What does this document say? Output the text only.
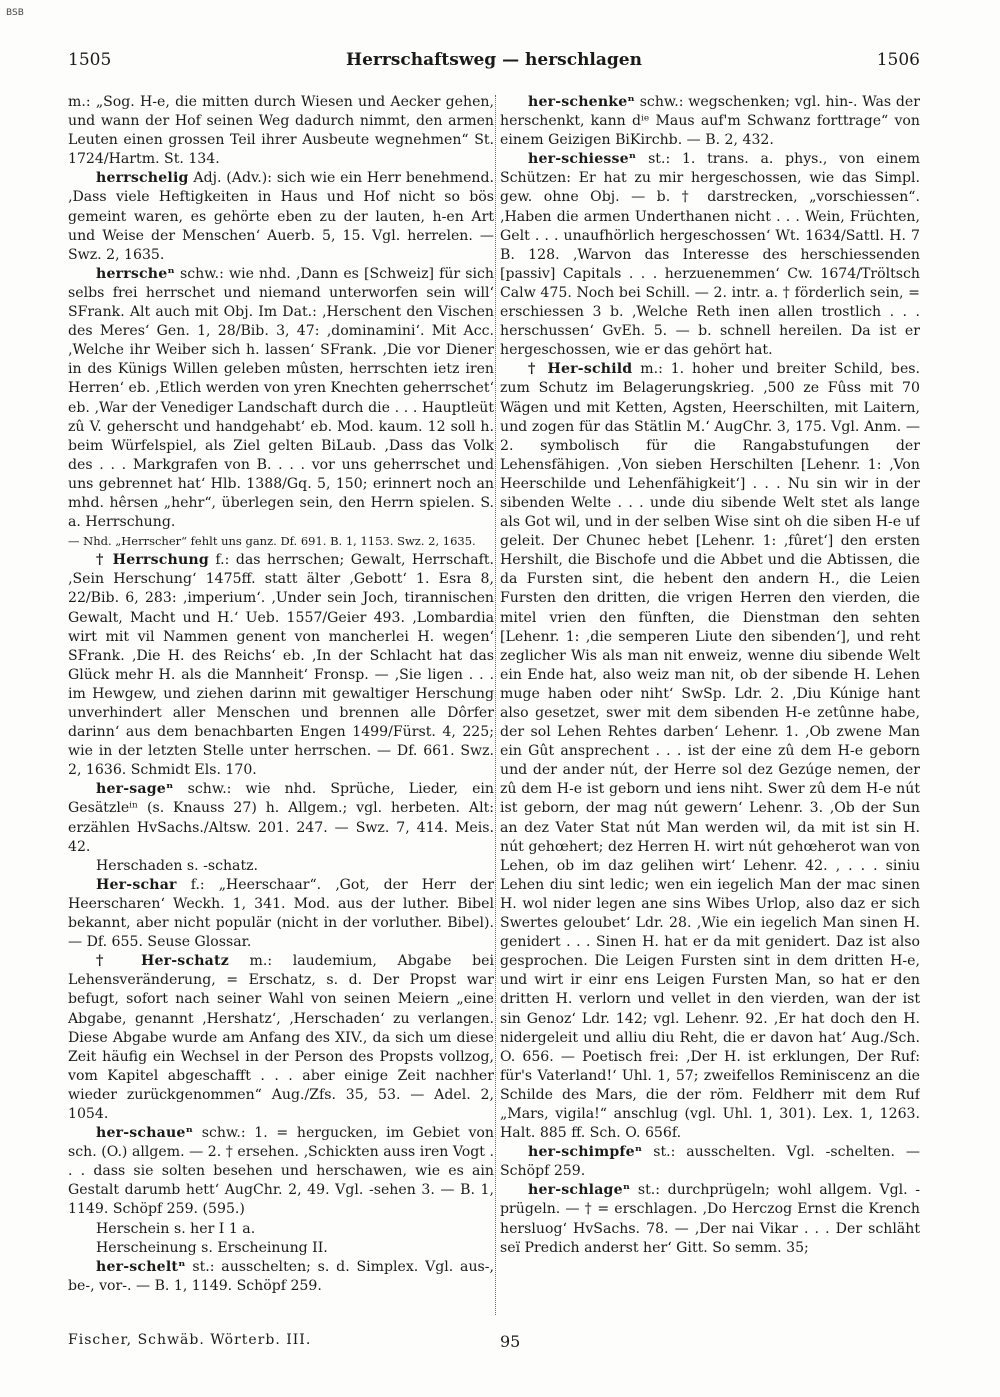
BSB
1505	Herrschaftsweg — herschlagen	1506

m.: „Sog. H-e, die mitten durch Wiesen und Aecker gehen, und wann der Hof seinen Weg dadurch nimmt, den armen Leuten einen grossen Teil ihrer Ausbeute wegnehmen“ St. 1724/Hartm. St. 134.

herrschelig Adj. (Adv.): sich wie ein Herr benehmend. ‚Dass viele Heftigkeiten in Haus und Hof nicht so bös gemeint waren, es gehörte eben zu der lauten, h-en Art und Weise der Menschen‘ Auerb. 5, 15. Vgl. herrelen. — Swz. 2, 1635.

herrscheⁿ schw.: wie nhd. ‚Dann es [Schweiz] für sich selbs frei herrschet und niemand unterworfen sein will‘ SFrank. Alt auch mit Obj. Im Dat.: ‚Herschent den Vischen des Meres‘ Gen. 1, 28/Bib. 3, 47: ‚dominamini‘. Mit Acc. ‚Welche ihr Weiber sich h. lassen‘ SFrank. ‚Die vor Diener in des Künigs Willen geleben mûsten, herrschten ietz iren Herren‘ eb. ‚Etlich werden von yren Knechten geherrschet‘ eb. ‚War der Venediger Landschaft durch die . . . Hauptleüt zû V. geherscht und handgehabt‘ eb. Mod. kaum. 12 soll h. beim Würfelspiel, als Ziel gelten BiLaub. ‚Dass das Volk des . . . Markgrafen von B. . . . vor uns geherrschet und uns gebrennet hat‘ Hlb. 1388/Gq. 5, 150; erinnert noch an mhd. hêrsen „hehr“, überlegen sein, den Herrn spielen. S. a. Herrschung.

— Nhd. „Herrscher“ fehlt uns ganz. Df. 691. B. 1, 1153. Swz. 2, 1635.

† Herrschung f.: das herrschen; Gewalt, Herrschaft. ‚Sein Herschung‘ 1475ff. statt älter ‚Gebott‘ 1. Esra 8, 22/Bib. 6, 283: ‚imperium‘. ‚Under sein Joch, tirannischen Gewalt, Macht und H.‘ Ueb. 1557/Geier 493. ‚Lombardia wirt mit vil Nammen genent von mancherlei H. wegen‘ SFrank. ‚Die H. des Reichs‘ eb. ‚In der Schlacht hat das Glück mehr H. als die Mannheit‘ Fronsp. — ‚Sie ligen . . . im Hewgew, und ziehen darinn mit gewaltiger Herschung unverhindert aller Menschen und brennen alle Dôrfer darinn‘ aus dem benachbarten Engen 1499/Fürst. 4, 225; wie in der letzten Stelle unter herrschen. — Df. 661. Swz. 2, 1636. Schmidt Els. 170.

her-sageⁿ schw.: wie nhd. Sprüche, Lieder, ein Gesätzleⁱⁿ (s. Knauss 27) h. Allgem.; vgl. herbeten. Alt: erzählen HvSachs./Altsw. 201. 247. — Swz. 7, 414. Meis. 42.

Herschaden s. -schatz.

Her-schar f.: „Heerschaar“. ‚Got, der Herr der Heerscharen‘ Weckh. 1, 341. Mod. aus der luther. Bibel bekannt, aber nicht populär (nicht in der vorluther. Bibel). — Df. 655. Seuse Glossar.

† Her-schatz m.: laudemium, Abgabe bei Lehensveränderung, = Erschatz, s. d. Der Propst war befugt, sofort nach seiner Wahl von seinen Meiern „eine Abgabe, genannt ‚Hershatz‘, ‚Herschaden‘ zu verlangen. Diese Abgabe wurde am Anfang des XIV., da sich um diese Zeit häufig ein Wechsel in der Person des Propsts vollzog, vom Kapitel abgeschafft . . . aber einige Zeit nachher wieder zurückgenommen“ Aug./Zfs. 35, 53. — Adel. 2, 1054.

her-schaueⁿ schw.: 1. = hergucken, im Gebiet von sch. (O.) allgem. — 2. † ersehen. ‚Schickten auss iren Vogt . . . dass sie solten besehen und herschawen, wie es ain Gestalt darumb hett‘ AugChr. 2, 49. Vgl. -sehen 3. — B. 1, 1149. Schöpf 259. (595.)

Herschein s. her I 1 a.

Herscheinung s. Erscheinung II.

her-scheltⁿ st.: ausschelten; s. d. Simplex. Vgl. aus-, be-, vor-. — B. 1, 1149. Schöpf 259.

her-schenkeⁿ schw.: wegschenken; vgl. hin-. Was der herschenkt, kann dⁱᵉ Maus auf'm Schwanz forttrage“ von einem Geizigen BiKirchb. — B. 2, 432.

her-schiesseⁿ st.: 1. trans. a. phys., von einem Schützen: Er hat zu mir hergeschossen, wie das Simpl. gew. ohne Obj. — b. † darstrecken, „vorschiessen“. ‚Haben die armen Underthanen nicht . . . Wein, Früchten, Gelt . . . unaufhörlich hergeschossen‘ Wt. 1634/Sattl. H. 7 B. 128. ‚Warvon das Interesse des herschiessenden [passiv] Capitals . . . herzuenemmen‘ Cw. 1674/Tröltsch Calw 475. Noch bei Schill. — 2. intr. a. † förderlich sein, = erschiessen 3 b. ‚Welche Reth inen allen trostlich . . . herschussen‘ GvEh. 5. — b. schnell hereilen. Da ist er hergeschossen, wie er das gehört hat.

† Her-schild m.: 1. hoher und breiter Schild, bes. zum Schutz im Belagerungskrieg. ‚500 ze Fûss mit 70 Wägen und mit Ketten, Agsten, Heerschilten, mit Laitern, und zogen für das Stätlin M.‘ AugChr. 3, 175. Vgl. Anm. — 2. symbolisch für die Rangabstufungen der Lehensfähigen. ‚Von sieben Herschilten [Lehenr. 1: ‚Von Heerschilde und Lehenfähigkeit‘] . . . Nu sin wir in der sibenden Welte . . . unde diu sibende Welt stet als lange als Got wil, und in der selben Wise sint oh die siben H-e uf geleit. Der Chunec hebet [Lehenr. 1: ‚fûret‘] den ersten Hershilt, die Bischofe und die Abbet und die Abtissen, die da Fursten sint, die hebent den andern H., die Leien Fursten den dritten, die vrigen Herren den vierden, die mitel vrien den fünften, die Dienstman den sehten [Lehenr. 1: ‚die semperen Liute den sibenden‘], und reht zeglicher Wis als man nit enweiz, wenne diu sibende Welt ein Ende hat, also weiz man nit, ob der sibende H. Lehen muge haben oder niht‘ SwSp. Ldr. 2. ‚Diu Kúnige hant also gesetzet, swer mit dem sibenden H-e zetûnne habe, der sol Lehen Rehtes darben‘ Lehenr. 1. ‚Ob zwene Man ein Gût ansprechent . . . ist der eine zû dem H-e geborn und der ander nút, der Herre sol dez Gezúge nemen, der zû dem H-e ist geborn und iens niht. Swer zû dem H-e nút ist geborn, der mag nút gewern‘ Lehenr. 3. ‚Ob der Sun an dez Vater Stat nút Man werden wil, da mit ist sin H. nút gehœhert; dez Herren H. wirt nút gehœherot wan von Lehen, ob im daz gelihen wirt‘ Lehenr. 42. ‚ . . . siniu Lehen diu sint ledic; wen ein iegelich Man der mac sinen H. wol nider legen ane sins Wibes Urlop, also daz er sich Swertes geloubet‘ Ldr. 28. ‚Wie ein iegelich Man sinen H. genidert . . . Sinen H. hat er da mit genidert. Daz ist also gesprochen. Die Leigen Fursten sint in dem dritten H-e, und wirt ir einr ens Leigen Fursten Man, so hat er den dritten H. verlorn und vellet in den vierden, wan der ist sin Genoz‘ Ldr. 142; vgl. Lehenr. 92. ‚Er hat doch den H. nidergeleit und alliu diu Reht, die er davon hat‘ Aug./Sch. O. 656. — Poetisch frei: ‚Der H. ist erklungen, Der Ruf: für's Vaterland!‘ Uhl. 1, 57; zweifellos Reminiscenz an die Schilde des Mars, die der röm. Feldherr mit dem Ruf „Mars, vigila!“ anschlug (vgl. Uhl. 1, 301). Lex. 1, 1263. Halt. 885 ff. Sch. O. 656f.

her-schimpfeⁿ st.: ausschelten. Vgl. -schelten. — Schöpf 259.

her-schlageⁿ st.: durchprügeln; wohl allgem. Vgl. -prügeln. — † = erschlagen. ‚Do Herczog Ernst die Krench hersluog‘ HvSachs. 78. — ‚Der nai Vikar . . . Der schläht seï Predich anderst her‘ Gitt. So semm. 35;

Fischer, Schwäb. Wörterb. III.	95
